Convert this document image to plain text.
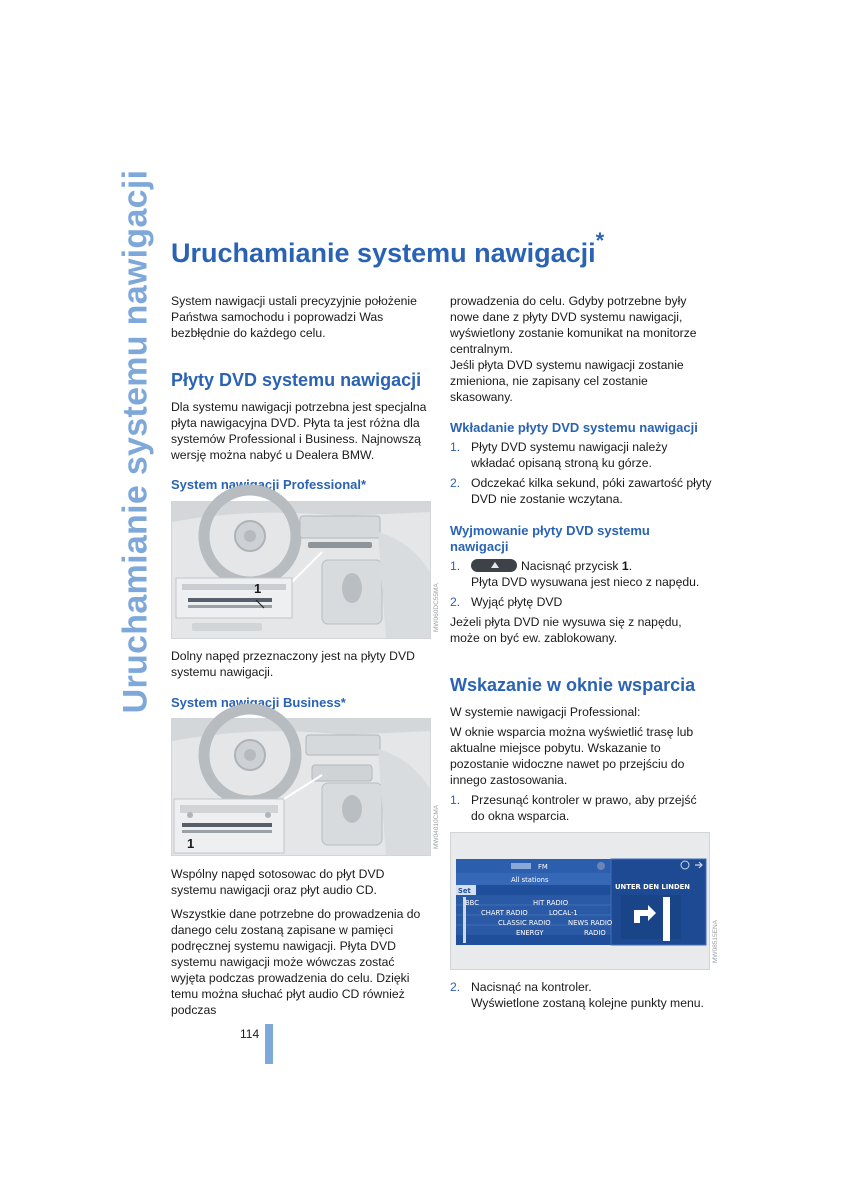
Uruchamianie systemu nawigacji Uruchamianie systemu nawigacji*

System nawigacji ustali precyzyjnie położenie Państwa samochodu i poprowadzi Was bezbłędnie do każdego celu.

Płyty DVD systemu nawigacji

Dla systemu nawigacji potrzebna jest specjalna płyta nawigacyjna DVD. Płyta ta jest różna dla systemów Professional i Business. Najnowszą wersję można nabyć u Dealera BMW.

System nawigacji Professional*
1	MW060DC55MA

Dolny napęd przeznaczony jest na płyty DVD systemu nawigacji.

System nawigacji Business*
1	MW04010CMA

Wspólny napęd sotosowac do płyt DVD systemu nawigacji oraz płyt audio CD.

Wszystkie dane potrzebne do prowadzenia do danego celu zostaną zapisane w pamięci podręcznej systemu nawigacji. Płyta DVD systemu nawigacji może wówczas zostać wyjęta podczas prowadzenia do celu. Dzięki temu można słuchać płyt audio CD również podczas

prowadzenia do celu. Gdyby potrzebne były nowe dane z płyty DVD systemu nawigacji, wyświetlony zostanie komunikat na monitorze centralnym.

Jeśli płyta DVD systemu nawigacji zostanie zmieniona, nie zapisany cel zostanie skasowany.

Wkładanie płyty DVD systemu nawigacji
1. Płyty DVD systemu nawigacji należy wkładać opisaną stroną ku górze.
2. Odczekać kilka sekund, póki zawartość płyty DVD nie zostanie wczytana.
Wyjmowanie płyty DVD systemu nawigacji
1.	Nacisnąć przycisk 1.
Płyta DVD wysuwana jest nieco z napędu.
2. Wyjąć płytę DVD

Jeżeli płyta DVD nie wysuwa się z napędu, może on być ew. zablokowany.

Wskazanie w oknie wsparcia

W systemie nawigacji Professional:

W oknie wsparcia można wyświetlić trasę lub aktualne miejsce pobytu. Wskazanie to pozostanie widoczne nawet po przejściu do innego zastosowania.

1. Przesunąć kontroler w prawo, aby przejść do okna wsparcia.
FM
All stations
Set
BBC	HIT RADIO
CHART RADIO	LOCAL-1
CLASSIC RADIO	NEWS RADIO
ENERGY	RADIO
UNTER DEN LINDEN
MW08515ENA
2. Nacisnąć na kontroler.
Wyświetlone zostaną kolejne punkty menu.
114
